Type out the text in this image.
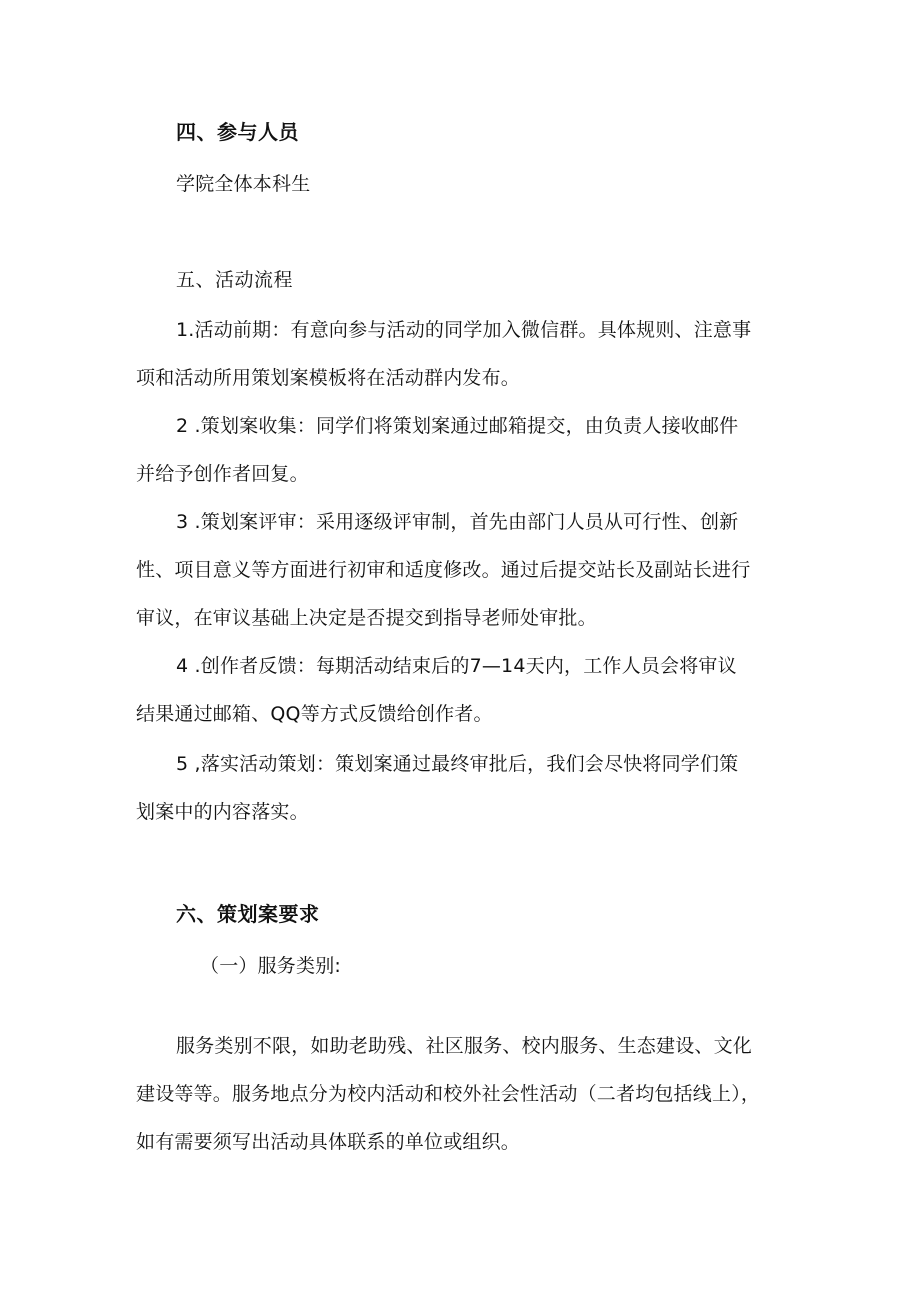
四、参与人员
学院全体本科生
五、活动流程
1.活动前期：有意向参与活动的同学加入微信群。具体规则、注意事
项和活动所用策划案模板将在活动群内发布。
2 .策划案收集：同学们将策划案通过邮箱提交，由负责人接收邮件
并给予创作者回复。
3 .策划案评审：采用逐级评审制，首先由部门人员从可行性、创新
性、项目意义等方面进行初审和适度修改。通过后提交站长及副站长进行
审议，在审议基础上决定是否提交到指导老师处审批。
4 .创作者反馈：每期活动结束后的7—14天内，工作人员会将审议
结果通过邮箱、QQ等方式反馈给创作者。
5 ,落实活动策划：策划案通过最终审批后，我们会尽快将同学们策
划案中的内容落实。
六、策划案要求
（一）服务类别:
服务类别不限，如助老助残、社区服务、校内服务、生态建设、文化
建设等等。服务地点分为校内活动和校外社会性活动（二者均包括线上），
如有需要须写出活动具体联系的单位或组织。
